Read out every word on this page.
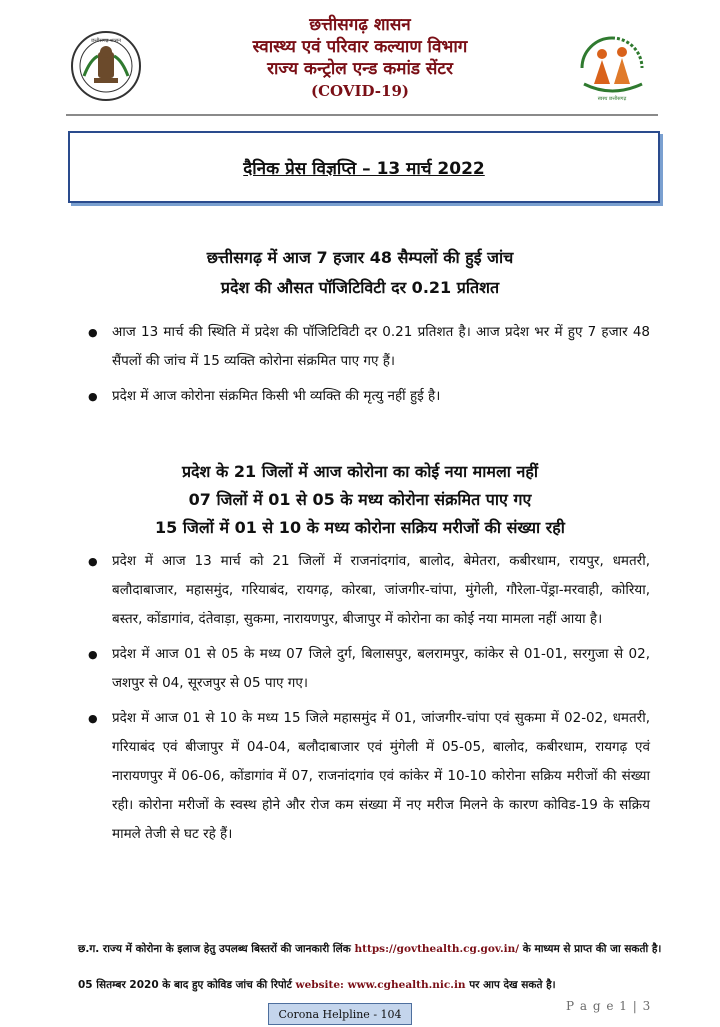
छत्तीसगढ़ शासन
छत्तीसगढ़ शासन
स्वास्थ्य एवं परिवार कल्याण विभाग
राज्य कन्ट्रोल एन्ड कमांड सेंटर
(COVID-19)	स्वस्थ छत्तीसगढ़
दैनिक प्रेस विज्ञप्ति – 13 मार्च 2022
छत्तीसगढ़ में आज 7 हजार 48 सैम्पलों की हुई जांच
प्रदेश की औसत पॉजिटिविटी दर 0.21 प्रतिशत
● आज 13 मार्च की स्थिति में प्रदेश की पॉजिटिविटी दर 0.21 प्रतिशत है। आज प्रदेश भर में हुए 7 हजार 48 सैंपलों की जांच में 15 व्यक्ति कोरोना संक्रमित पाए गए हैं।
● प्रदेश में आज कोरोना संक्रमित किसी भी व्यक्ति की मृत्यु नहीं हुई है।
प्रदेश के 21 जिलों में आज कोरोना का कोई नया मामला नहीं
07 जिलों में 01 से 05 के मध्य कोरोना संक्रमित पाए गए
15 जिलों में 01 से 10 के मध्य कोरोना सक्रिय मरीजों की संख्या रही
● प्रदेश में आज 13 मार्च को 21 जिलों में राजनांदगांव, बालोद, बेमेतरा, कबीरधाम, रायपुर, धमतरी, बलौदाबाजार, महासमुंद, गरियाबंद, रायगढ़, कोरबा, जांजगीर-चांपा, मुंगेली, गौरेला-पेंड्रा-मरवाही, कोरिया, बस्तर, कोंडागांव, दंतेवाड़ा, सुकमा, नारायणपुर, बीजापुर में कोरोना का कोई नया मामला नहीं आया है।
● प्रदेश में आज 01 से 05 के मध्य 07 जिले दुर्ग, बिलासपुर, बलरामपुर, कांकेर से 01-01, सरगुजा से 02, जशपुर से 04, सूरजपुर से 05 पाए गए।
● प्रदेश में आज 01 से 10 के मध्य 15 जिले महासमुंद में 01, जांजगीर-चांपा एवं सुकमा में 02-02, धमतरी, गरियाबंद एवं बीजापुर में 04-04, बलौदाबाजार एवं मुंगेली में 05-05, बालोद, कबीरधाम, रायगढ़ एवं नारायणपुर में 06-06, कोंडागांव में 07, राजनांदगांव एवं कांकेर में 10-10 कोरोना सक्रिय मरीजों की संख्या रही। कोरोना मरीजों के स्वस्थ होने और रोज कम संख्या में नए मरीज मिलने के कारण कोविड-19 के सक्रिय मामले तेजी से घट रहे हैं।
छ.ग. राज्य में कोरोना के इलाज हेतु उपलब्ध बिस्तरों की जानकारी लिंक https://govthealth.cg.gov.in/ के माध्यम से प्राप्त की जा सकती है।
05 सितम्बर 2020 के बाद हुए कोविड जांच की रिपोर्ट website: www.cghealth.nic.in पर आप देख सकते है।
Corona Helpline - 104
P a g e 1 | 3
